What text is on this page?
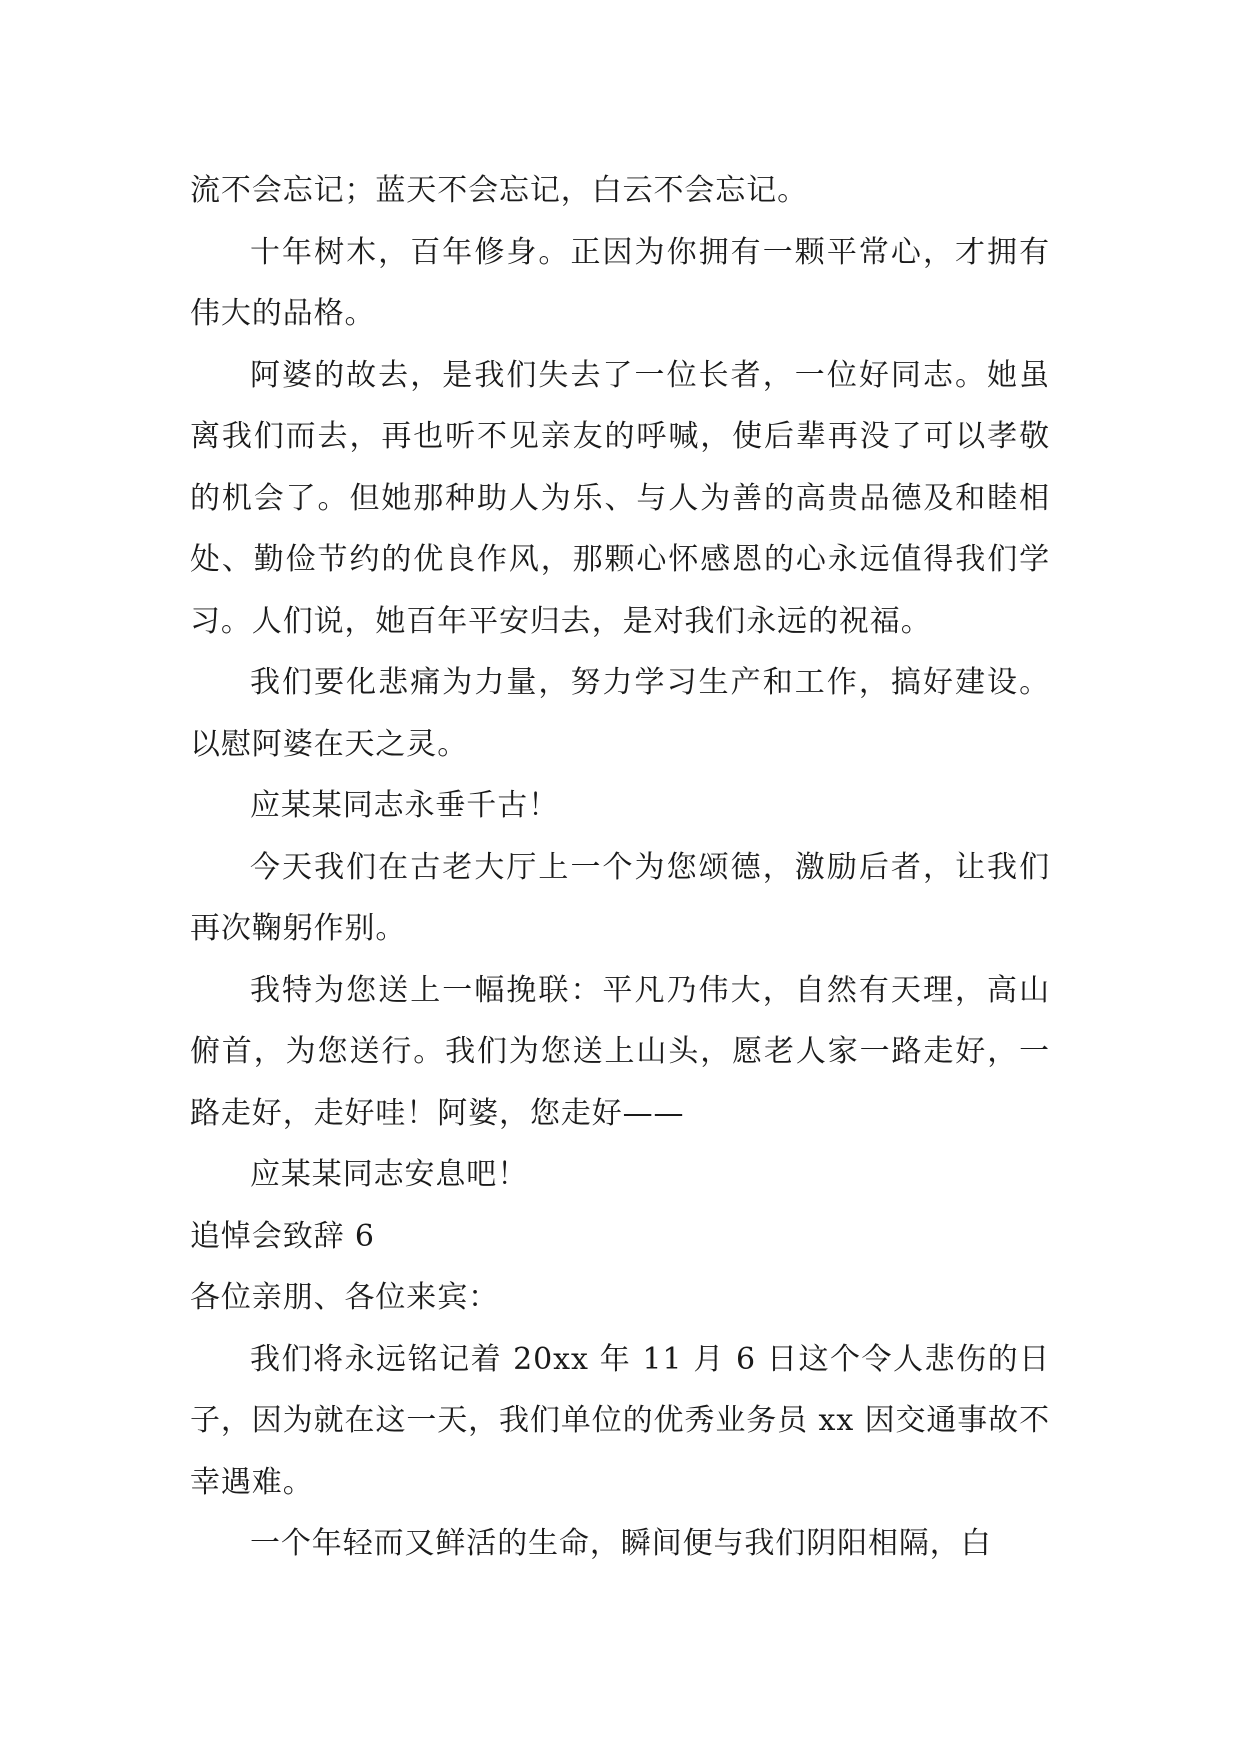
流不会忘记；蓝天不会忘记，白云不会忘记。

十年树木，百年修身。正因为你拥有一颗平常心，才拥有伟大的品格。

阿婆的故去，是我们失去了一位长者，一位好同志。她虽离我们而去，再也听不见亲友的呼喊，使后辈再没了可以孝敬的机会了。但她那种助人为乐、与人为善的高贵品德及和睦相处、勤俭节约的优良作风，那颗心怀感恩的心永远值得我们学习。人们说，她百年平安归去，是对我们永远的祝福。

我们要化悲痛为力量，努力学习生产和工作，搞好建设。以慰阿婆在天之灵。

应某某同志永垂千古！

今天我们在古老大厅上一个为您颂德，激励后者，让我们再次鞠躬作别。

我特为您送上一幅挽联：平凡乃伟大，自然有天理，高山俯首，为您送行。我们为您送上山头，愿老人家一路走好，一路走好，走好哇！阿婆，您走好——

应某某同志安息吧！

追悼会致辞 6

各位亲朋、各位来宾：

我们将永远铭记着 20xx 年 11 月 6 日这个令人悲伤的日子，因为就在这一天，我们单位的优秀业务员 xx 因交通事故不幸遇难。

一个年轻而又鲜活的生命，瞬间便与我们阴阳相隔，白
